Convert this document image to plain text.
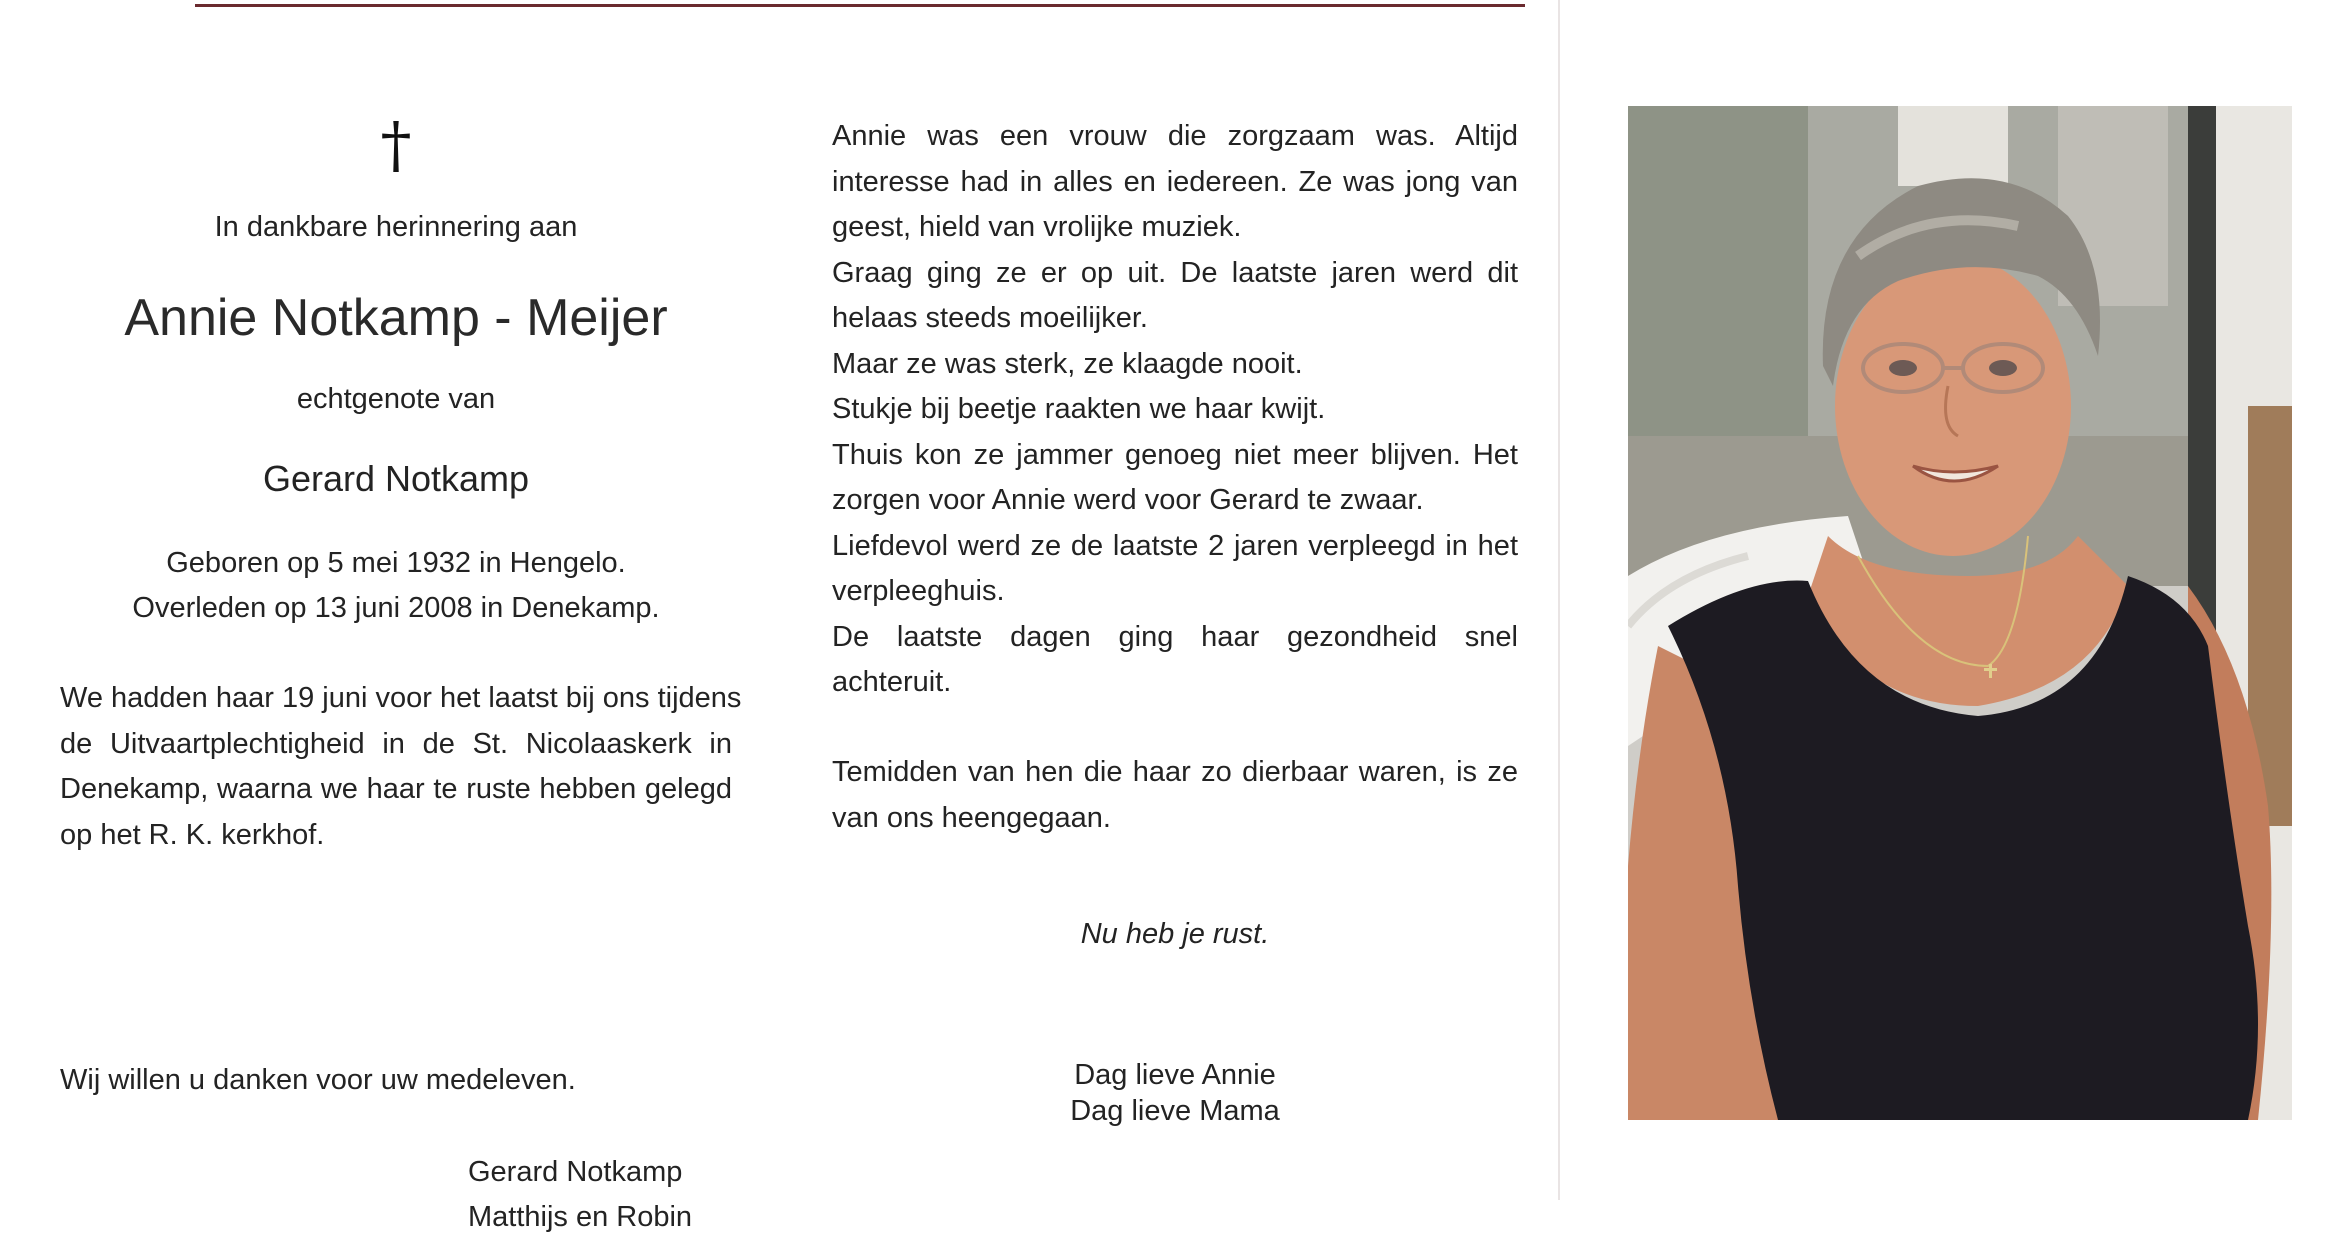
†
In dankbare herinnering aan
Annie Notkamp - Meijer
echtgenote van
Gerard Notkamp
Geboren op 5 mei 1932 in Hengelo.
Overleden op 13 juni 2008 in Denekamp.
We hadden haar 19 juni voor het laatst bij ons tijdens
de Uitvaartplechtigheid in de St. Nicolaaskerk in
Denekamp, waarna we haar te ruste hebben gelegd
op het R. K. kerkhof.
Wij willen u danken voor uw medeleven.
Gerard Notkamp
Matthijs en Robin
Annie was een vrouw die zorgzaam was. Altijd
interesse had in alles en iedereen. Ze was jong van
geest, hield van vrolijke muziek.
Graag ging ze er op uit. De laatste jaren werd dit
helaas steeds moeilijker.
Maar ze was sterk, ze klaagde nooit.
Stukje bij beetje raakten we haar kwijt.
Thuis kon ze jammer genoeg niet meer blijven. Het
zorgen voor Annie werd voor Gerard te zwaar.
Liefdevol werd ze de laatste 2 jaren verpleegd in het
verpleeghuis.
De laatste dagen ging haar gezondheid snel
achteruit.
Temidden van hen die haar zo dierbaar waren, is ze
van ons heengegaan.
Nu heb je rust.
Dag lieve Annie
Dag lieve Mama
